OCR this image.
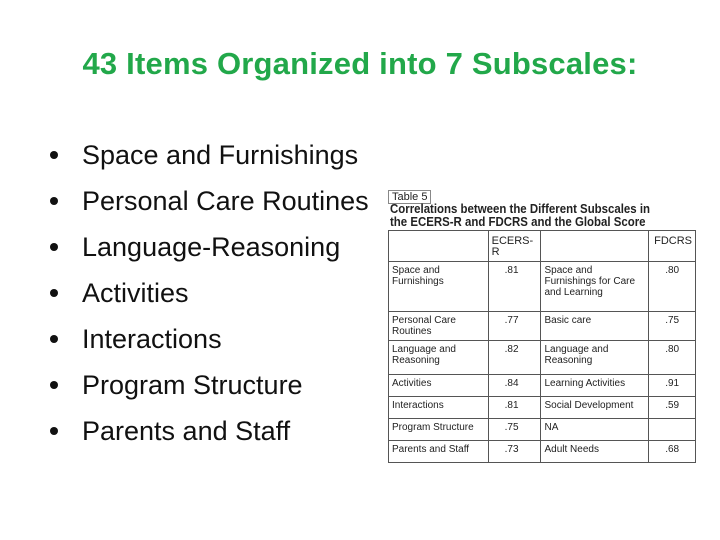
43 Items Organized into 7 Subscales:
Space and Furnishings
Personal Care Routines
Language-Reasoning
Activities
Interactions
Program Structure
Parents and Staff
Table 5
Correlations between the Different Subscales in
the ECERS-R and FDCRS and the Global Score
	ECERS-R		FDCRS
Space and Furnishings	.81	Space and Furnishings for Care and Learning	.80
Personal Care Routines	.77	Basic care	.75
Language and Reasoning	.82	Language and Reasoning	.80
Activities	.84	Learning Activities	.91
Interactions	.81	Social Development	.59
Program Structure	.75	NA	
Parents and Staff	.73	Adult Needs	.68
